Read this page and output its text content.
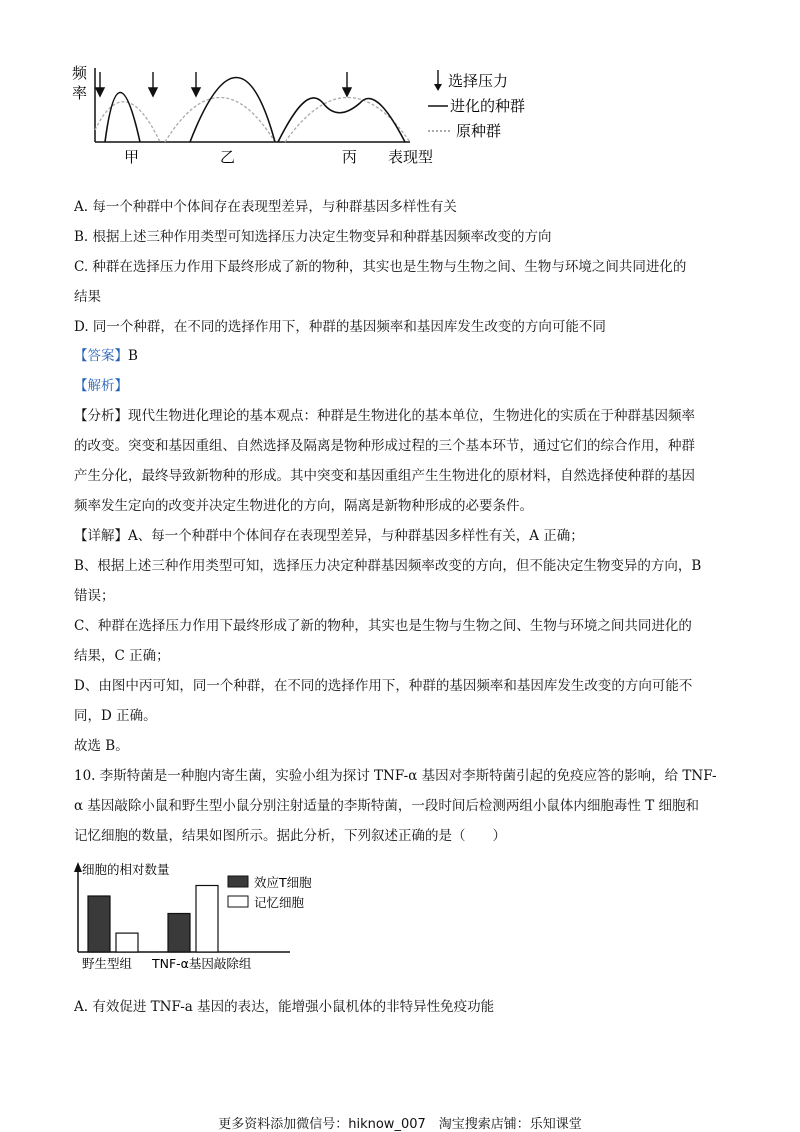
频
率
甲	乙	丙 表现型
选择压力
进化的种群
原种群
A. 每一个种群中个体间存在表现型差异，与种群基因多样性有关
B. 根据上述三种作用类型可知选择压力决定生物变异和种群基因频率改变的方向
C. 种群在选择压力作用下最终形成了新的物种，其实也是生物与生物之间、生物与环境之间共同进化的
结果
D. 同一个种群，在不同的选择作用下，种群的基因频率和基因库发生改变的方向可能不同
【答案】B
【解析】
【分析】现代生物进化理论的基本观点：种群是生物进化的基本单位，生物进化的实质在于种群基因频率
的改变。突变和基因重组、自然选择及隔离是物种形成过程的三个基本环节，通过它们的综合作用，种群
产生分化，最终导致新物种的形成。其中突变和基因重组产生生物进化的原材料，自然选择使种群的基因
频率发生定向的改变并决定生物进化的方向，隔离是新物种形成的必要条件。
【详解】A、每一个种群中个体间存在表现型差异，与种群基因多样性有关，A 正确；
B、根据上述三种作用类型可知，选择压力决定种群基因频率改变的方向，但不能决定生物变异的方向，B
错误；
C、种群在选择压力作用下最终形成了新的物种，其实也是生物与生物之间、生物与环境之间共同进化的
结果，C 正确；
D、由图中丙可知，同一个种群，在不同的选择作用下，种群的基因频率和基因库发生改变的方向可能不
同，D 正确。
故选 B。
10. 李斯特菌是一种胞内寄生菌，实验小组为探讨 TNF-α 基因对李斯特菌引起的免疫应答的影响，给 TNF-
α 基因敲除小鼠和野生型小鼠分别注射适量的李斯特菌，一段时间后检测两组小鼠体内细胞毒性 T 细胞和
记忆细胞的数量，结果如图所示。据此分析，下列叙述正确的是（　　）
细胞的相对数量
野生型组 TNF-α基因敲除组
效应T细胞
记忆细胞
A. 有效促进 TNF-a 基因的表达，能增强小鼠机体的非特异性免疫功能
更多资料添加微信号：hiknow_007　淘宝搜索店铺：乐知课堂
